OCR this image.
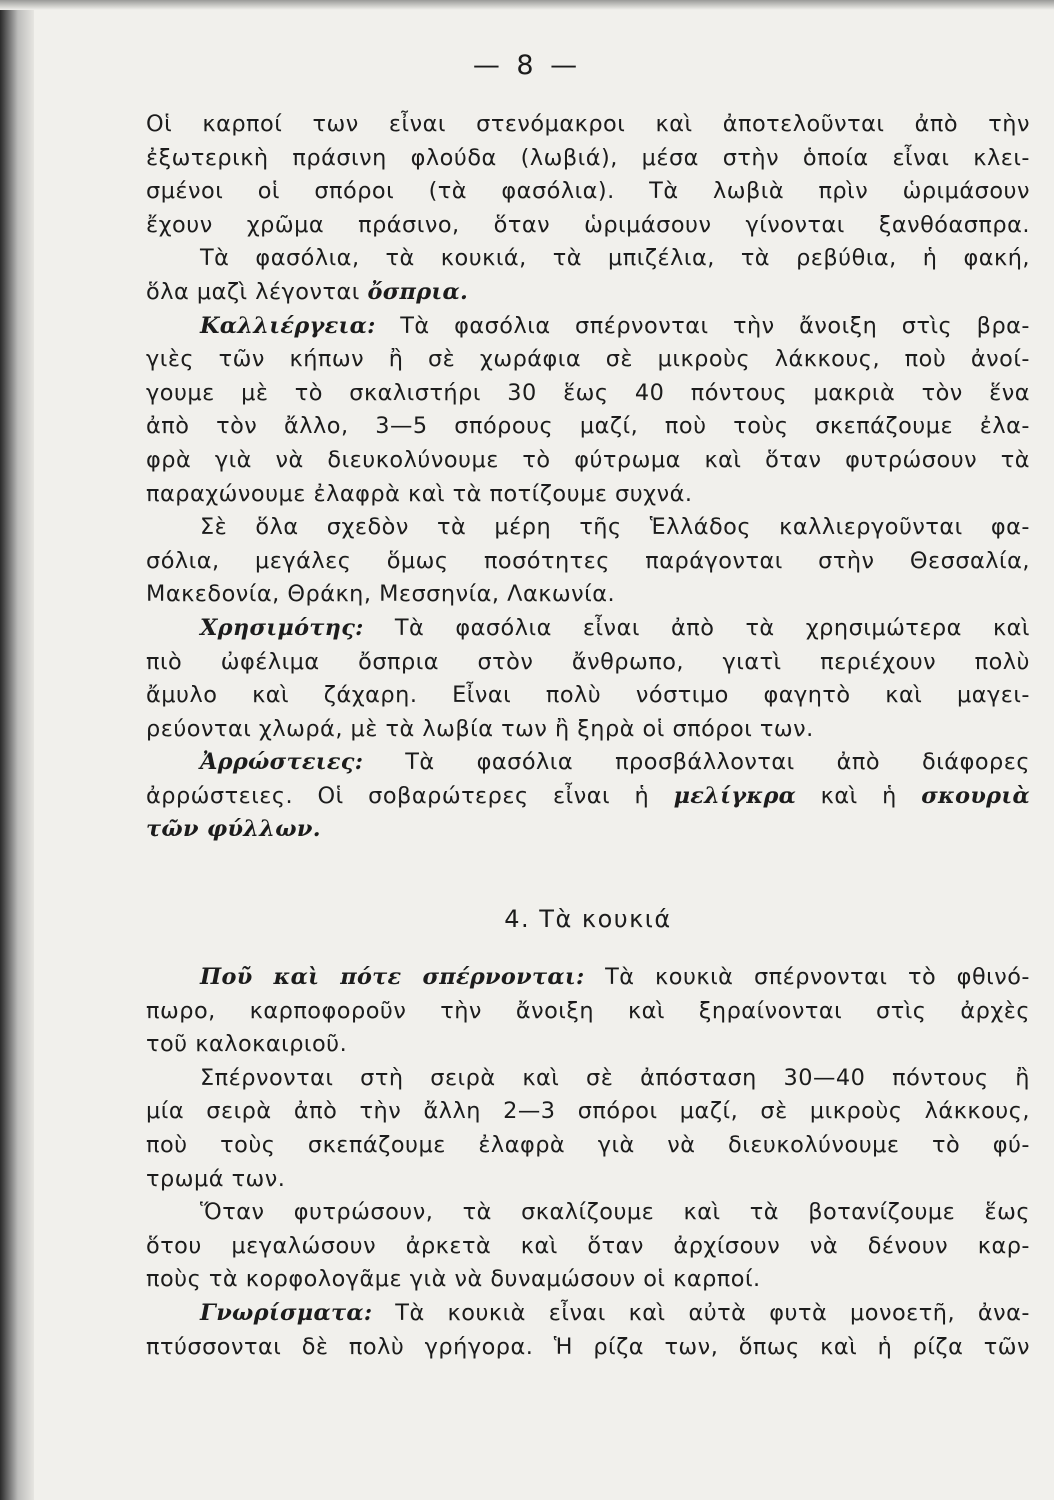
— 8 —

Οἱ καρποί των εἶναι στενόμακροι καὶ ἀποτελοῦνται ἀπὸ τὴν

ἐξωτερικὴ πράσινη φλούδα (λωβιά), μέσα στὴν ὁποία εἶναι κλει-

σμένοι οἱ σπόροι (τὰ φασόλια). Τὰ λωβιὰ πρὶν ὡριμάσουν

ἔχουν χρῶμα πράσινο, ὅταν ὡριμάσουν γίνονται ξανθόασπρα.

Τὰ φασόλια, τὰ κουκιά, τὰ μπιζέλια, τὰ ρεβύθια, ἡ φακή,

ὅλα μαζὶ λέγονται ὄσπρια.

Καλλιέργεια: Τὰ φασόλια σπέρνονται τὴν ἄνοιξη στὶς βρα-

γιὲς τῶν κήπων ἢ σὲ χωράφια σὲ μικροὺς λάκκους, ποὺ ἀνοί-

γουμε μὲ τὸ σκαλιστήρι 30 ἕως 40 πόντους μακριὰ τὸν ἕνα

ἀπὸ τὸν ἄλλο, 3—5 σπόρους μαζί, ποὺ τοὺς σκεπάζουμε ἐλα-

φρὰ γιὰ νὰ διευκολύνουμε τὸ φύτρωμα καὶ ὅταν φυτρώσουν τὰ

παραχώνουμε ἐλαφρὰ καὶ τὰ ποτίζουμε συχνά.

Σὲ ὅλα σχεδὸν τὰ μέρη τῆς Ἑλλάδος καλλιεργοῦνται φα-

σόλια, μεγάλες ὅμως ποσότητες παράγονται στὴν Θεσσαλία,

Μακεδονία, Θράκη, Μεσσηνία, Λακωνία.

Χρησιμότης: Τὰ φασόλια εἶναι ἀπὸ τὰ χρησιμώτερα καὶ

πιὸ ὠφέλιμα ὄσπρια στὸν ἄνθρωπο, γιατὶ περιέχουν πολὺ

ἄμυλο καὶ ζάχαρη. Εἶναι πολὺ νόστιμο φαγητὸ καὶ μαγει-

ρεύονται χλωρά, μὲ τὰ λωβία των ἢ ξηρὰ οἱ σπόροι των.

Ἀρρώστειες: Τὰ φασόλια προσβάλλονται ἀπὸ διάφορες

ἀρρώστειες. Οἱ σοβαρώτερες εἶναι ἡ μελίγκρα καὶ ἡ σκουριὰ

τῶν φύλλων.

4. Τὰ κουκιά

Ποῦ καὶ πότε σπέρνονται: Τὰ κουκιὰ σπέρνονται τὸ φθινό-

πωρο, καρποφοροῦν τὴν ἄνοιξη καὶ ξηραίνονται στὶς ἀρχὲς

τοῦ καλοκαιριοῦ.

Σπέρνονται στὴ σειρὰ καὶ σὲ ἀπόσταση 30—40 πόντους ἢ

μία σειρὰ ἀπὸ τὴν ἄλλη 2—3 σπόροι μαζί, σὲ μικροὺς λάκκους,

ποὺ τοὺς σκεπάζουμε ἐλαφρὰ γιὰ νὰ διευκολύνουμε τὸ φύ-

τρωμά των.

Ὅταν φυτρώσουν, τὰ σκαλίζουμε καὶ τὰ βοτανίζουμε ἕως

ὅτου μεγαλώσουν ἀρκετὰ καὶ ὅταν ἀρχίσουν νὰ δένουν καρ-

ποὺς τὰ κορφολογᾶμε γιὰ νὰ δυναμώσουν οἱ καρποί.

Γνωρίσματα: Τὰ κουκιὰ εἶναι καὶ αὐτὰ φυτὰ μονοετῆ, ἀνα-

πτύσσονται δὲ πολὺ γρήγορα. Ἡ ρίζα των, ὅπως καὶ ἡ ρίζα τῶν
